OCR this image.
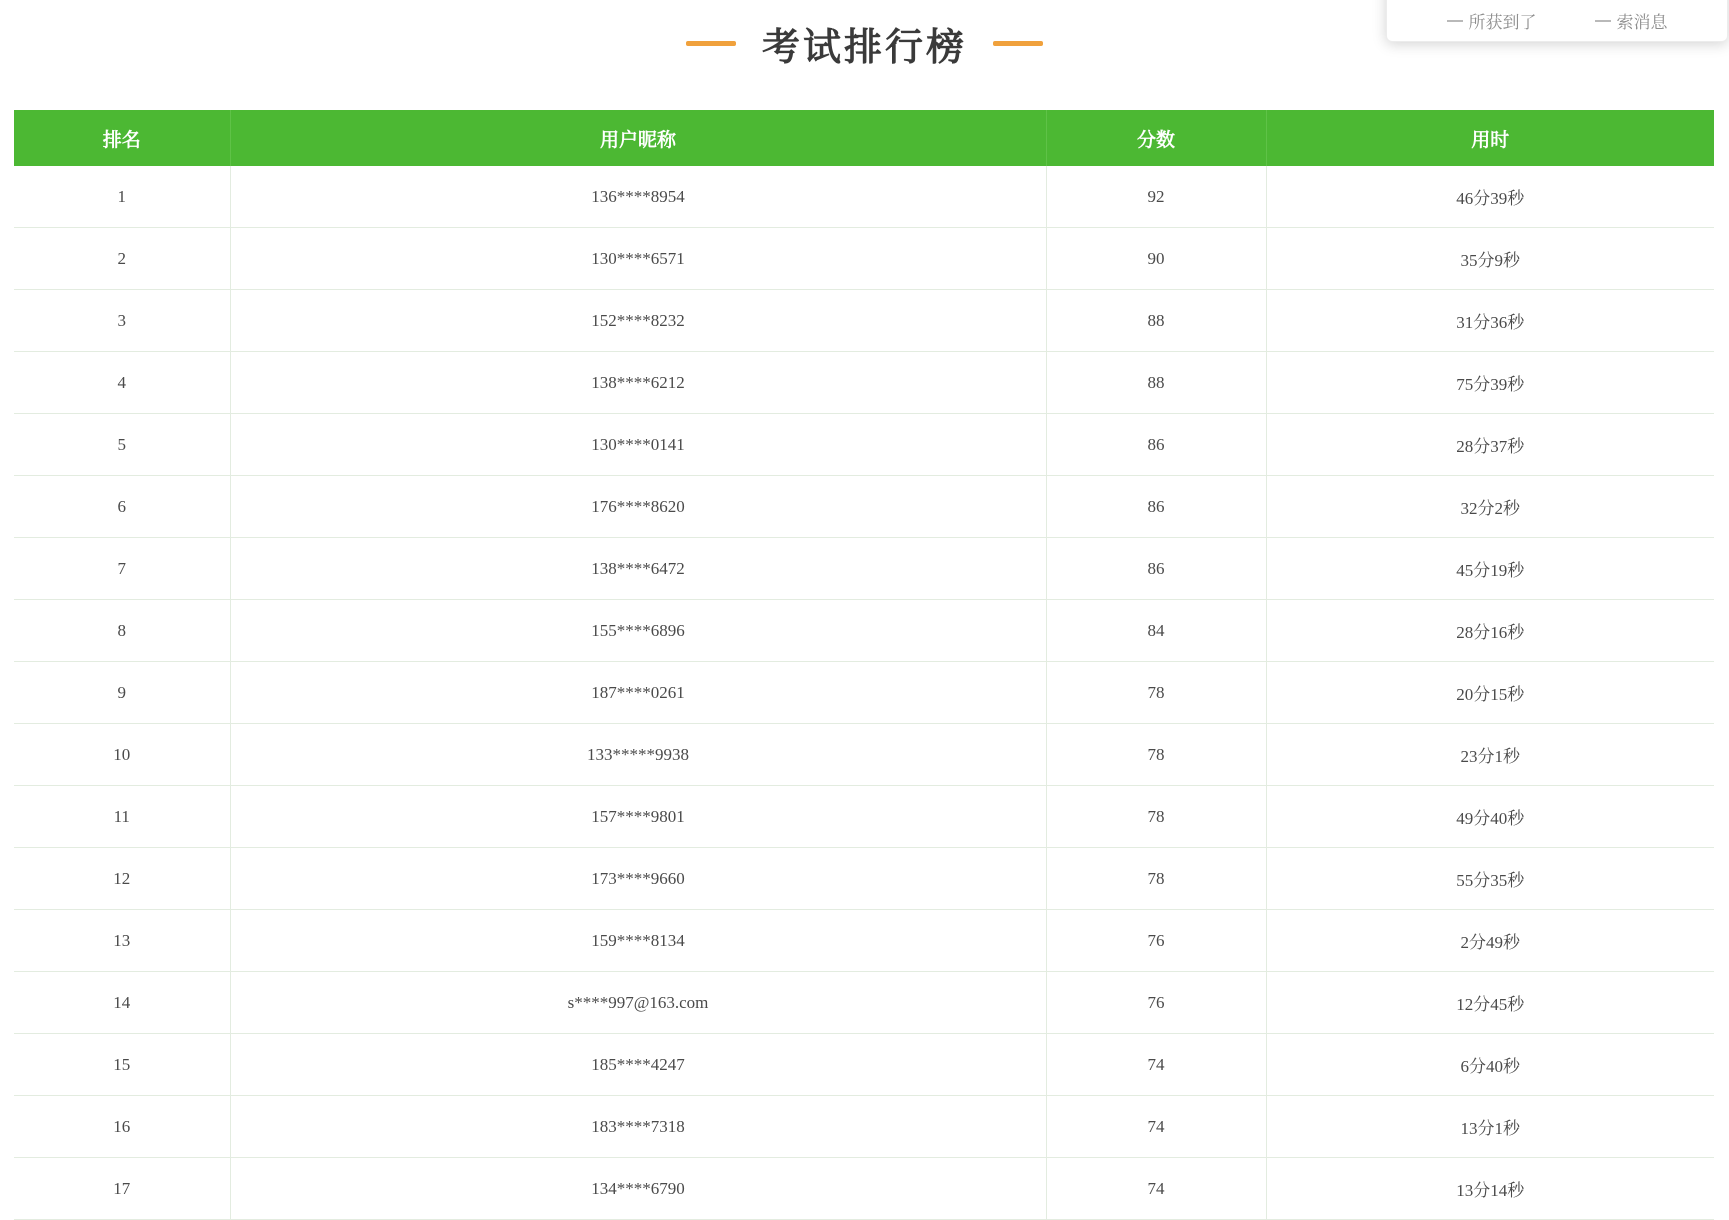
所获到了	索消息
考试排行榜
排名	用户昵称	分数	用时
1	136****8954	92	46分39秒
2	130****6571	90	35分9秒
3	152****8232	88	31分36秒
4	138****6212	88	75分39秒
5	130****0141	86	28分37秒
6	176****8620	86	32分2秒
7	138****6472	86	45分19秒
8	155****6896	84	28分16秒
9	187****0261	78	20分15秒
10	133*****9938	78	23分1秒
11	157****9801	78	49分40秒
12	173****9660	78	55分35秒
13	159****8134	76	2分49秒
14	s****997@163.com	76	12分45秒
15	185****4247	74	6分40秒
16	183****7318	74	13分1秒
17	134****6790	74	13分14秒
